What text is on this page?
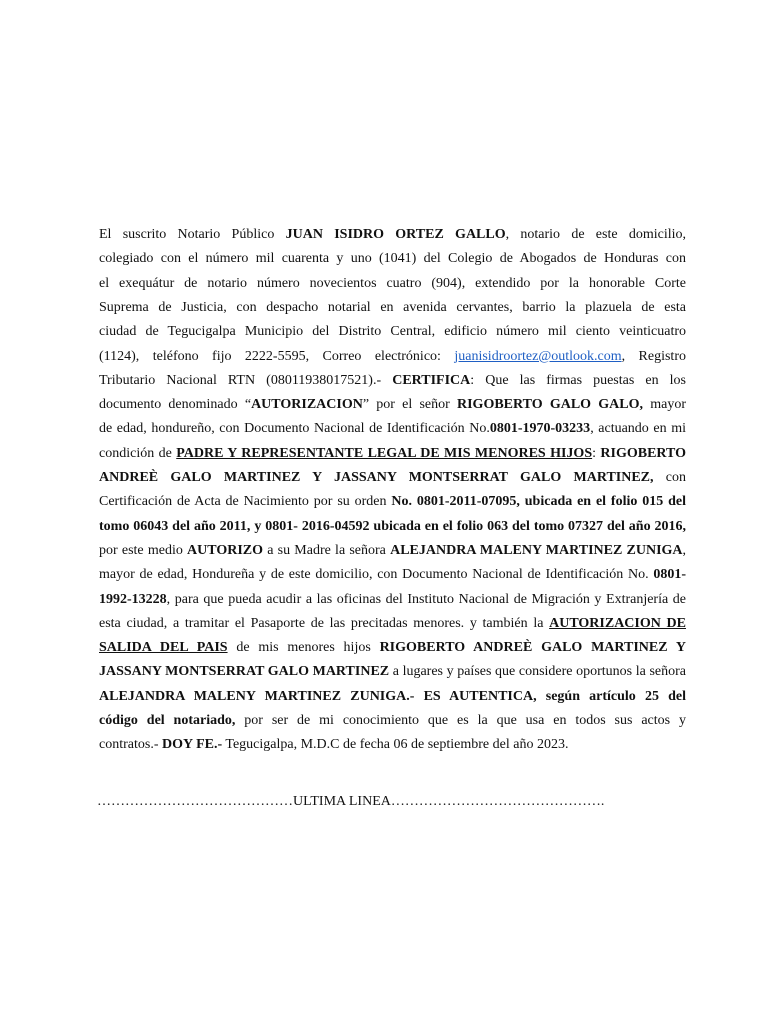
El suscrito Notario Público JUAN ISIDRO ORTEZ GALLO, notario de este domicilio,
colegiado con el número mil cuarenta y uno (1041) del Colegio de Abogados de Honduras con
el exequátur de notario número novecientos cuatro (904), extendido por la honorable Corte
Suprema de Justicia, con despacho notarial en avenida cervantes, barrio la plazuela de esta
ciudad de Tegucigalpa Municipio del Distrito Central, edificio número mil ciento veinticuatro
(1124), teléfono fijo 2222-5595, Correo electrónico: juanisidroortez@outlook.com, Registro
Tributario Nacional RTN (08011938017521).- CERTIFICA: Que las firmas puestas en los
documento denominado “AUTORIZACION” por el señor RIGOBERTO GALO GALO, mayor
de edad, hondureño, con Documento Nacional de Identificación No.0801-1970-03233, actuando en mi
condición de PADRE Y REPRESENTANTE LEGAL DE MIS MENORES HIJOS: RIGOBERTO
ANDREÈ GALO MARTINEZ Y JASSANY MONTSERRAT GALO MARTINEZ, con
Certificación de Acta de Nacimiento por su orden No. 0801-2011-07095, ubicada en el folio 015 del
tomo 06043 del año 2011, y 0801- 2016-04592 ubicada en el folio 063 del tomo 07327 del año 2016,
por este medio AUTORIZO a su Madre la señora ALEJANDRA MALENY MARTINEZ ZUNIGA,
mayor de edad, Hondureña y de este domicilio, con Documento Nacional de Identificación No. 0801-
1992-13228, para que pueda acudir a las oficinas del Instituto Nacional de Migración y Extranjería de
esta ciudad, a tramitar el Pasaporte de las precitadas menores. y también la AUTORIZACION DE
SALIDA DEL PAIS de mis menores hijos RIGOBERTO ANDREÈ GALO MARTINEZ Y
JASSANY MONTSERRAT GALO MARTINEZ a lugares y países que considere oportunos la señora
ALEJANDRA MALENY MARTINEZ ZUNIGA.- ES AUTENTICA, según artículo 25 del
código del notariado, por ser de mi conocimiento que es la que usa en todos sus actos y
contratos.- DOY FE.- Tegucigalpa, M.D.C de fecha 06 de septiembre del año 2023.
……………………………………ULTIMA LINEA……………………………………….
